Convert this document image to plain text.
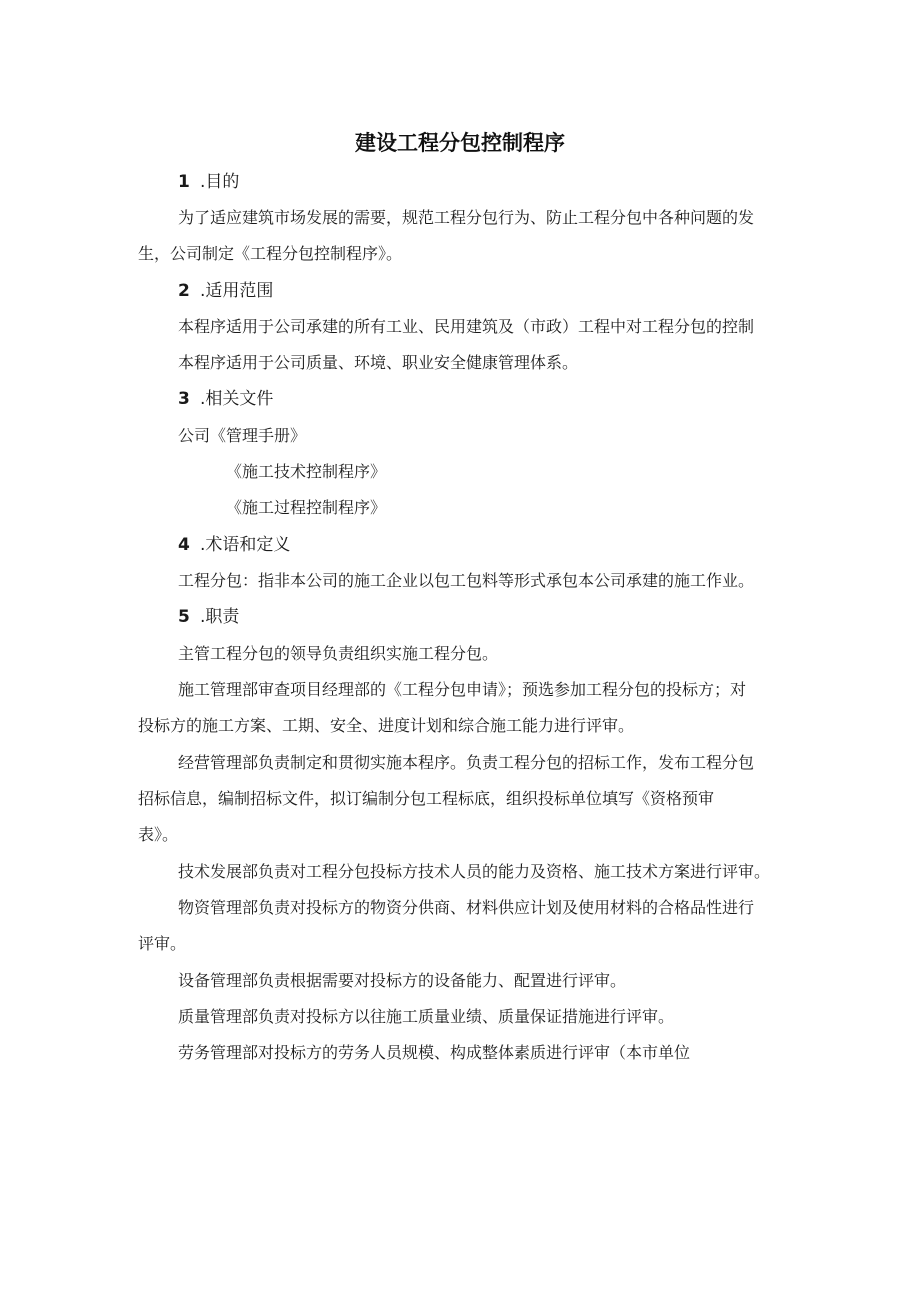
建设工程分包控制程序
1 .目的
为了适应建筑市场发展的需要，规范工程分包行为、防止工程分包中各种问题的发
生，公司制定《工程分包控制程序》。
2 .适用范围
本程序适用于公司承建的所有工业、民用建筑及（市政）工程中对工程分包的控制
本程序适用于公司质量、环境、职业安全健康管理体系。
3 .相关文件
公司《管理手册》
《施工技术控制程序》
《施工过程控制程序》
4 .术语和定义
工程分包：指非本公司的施工企业以包工包料等形式承包本公司承建的施工作业。
5 .职责
主管工程分包的领导负责组织实施工程分包。
施工管理部审查项目经理部的《工程分包申请》；预选参加工程分包的投标方；对
投标方的施工方案、工期、安全、进度计划和综合施工能力进行评审。
经营管理部负责制定和贯彻实施本程序。负责工程分包的招标工作，发布工程分包
招标信息，编制招标文件，拟订编制分包工程标底，组织投标单位填写《资格预审
表》。
技术发展部负责对工程分包投标方技术人员的能力及资格、施工技术方案进行评审。
物资管理部负责对投标方的物资分供商、材料供应计划及使用材料的合格品性进行
评审。
设备管理部负责根据需要对投标方的设备能力、配置进行评审。
质量管理部负责对投标方以往施工质量业绩、质量保证措施进行评审。
劳务管理部对投标方的劳务人员规模、构成整体素质进行评审（本市单位
